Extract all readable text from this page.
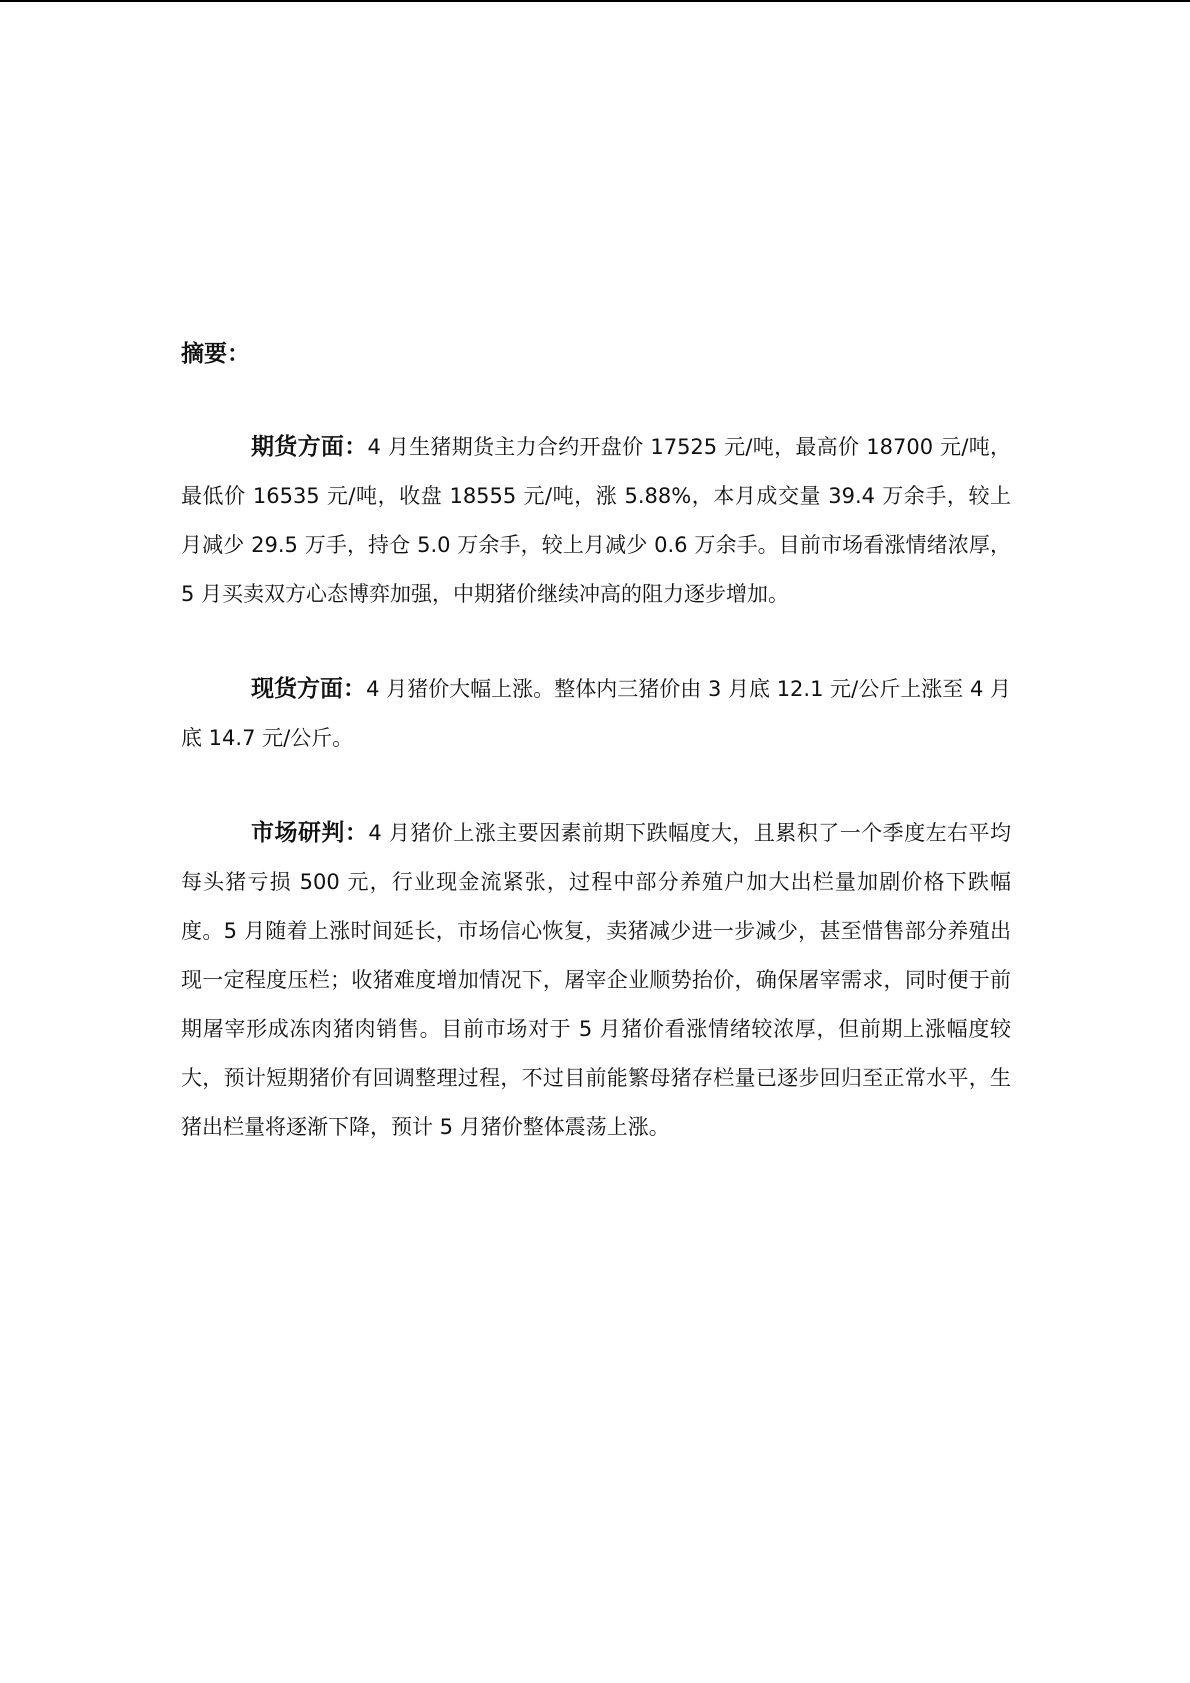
摘要：

期货方面：4 月生猪期货主力合约开盘价 17525 元/吨，最高价 18700 元/吨，最低价 16535 元/吨，收盘 18555 元/吨，涨 5.88%，本月成交量 39.4 万余手，较上月减少 29.5 万手，持仓 5.0 万余手，较上月减少 0.6 万余手。目前市场看涨情绪浓厚，5 月买卖双方心态博弈加强，中期猪价继续冲高的阻力逐步增加。

现货方面：4 月猪价大幅上涨。整体内三猪价由 3 月底 12.1 元/公斤上涨至 4 月底 14.7 元/公斤。

市场研判：4 月猪价上涨主要因素前期下跌幅度大，且累积了一个季度左右平均每头猪亏损 500 元，行业现金流紧张，过程中部分养殖户加大出栏量加剧价格下跌幅度。5 月随着上涨时间延长，市场信心恢复，卖猪减少进一步减少，甚至惜售部分养殖出现一定程度压栏；收猪难度增加情况下，屠宰企业顺势抬价，确保屠宰需求，同时便于前期屠宰形成冻肉猪肉销售。目前市场对于 5 月猪价看涨情绪较浓厚，但前期上涨幅度较大，预计短期猪价有回调整理过程，不过目前能繁母猪存栏量已逐步回归至正常水平，生猪出栏量将逐渐下降，预计 5 月猪价整体震荡上涨。
